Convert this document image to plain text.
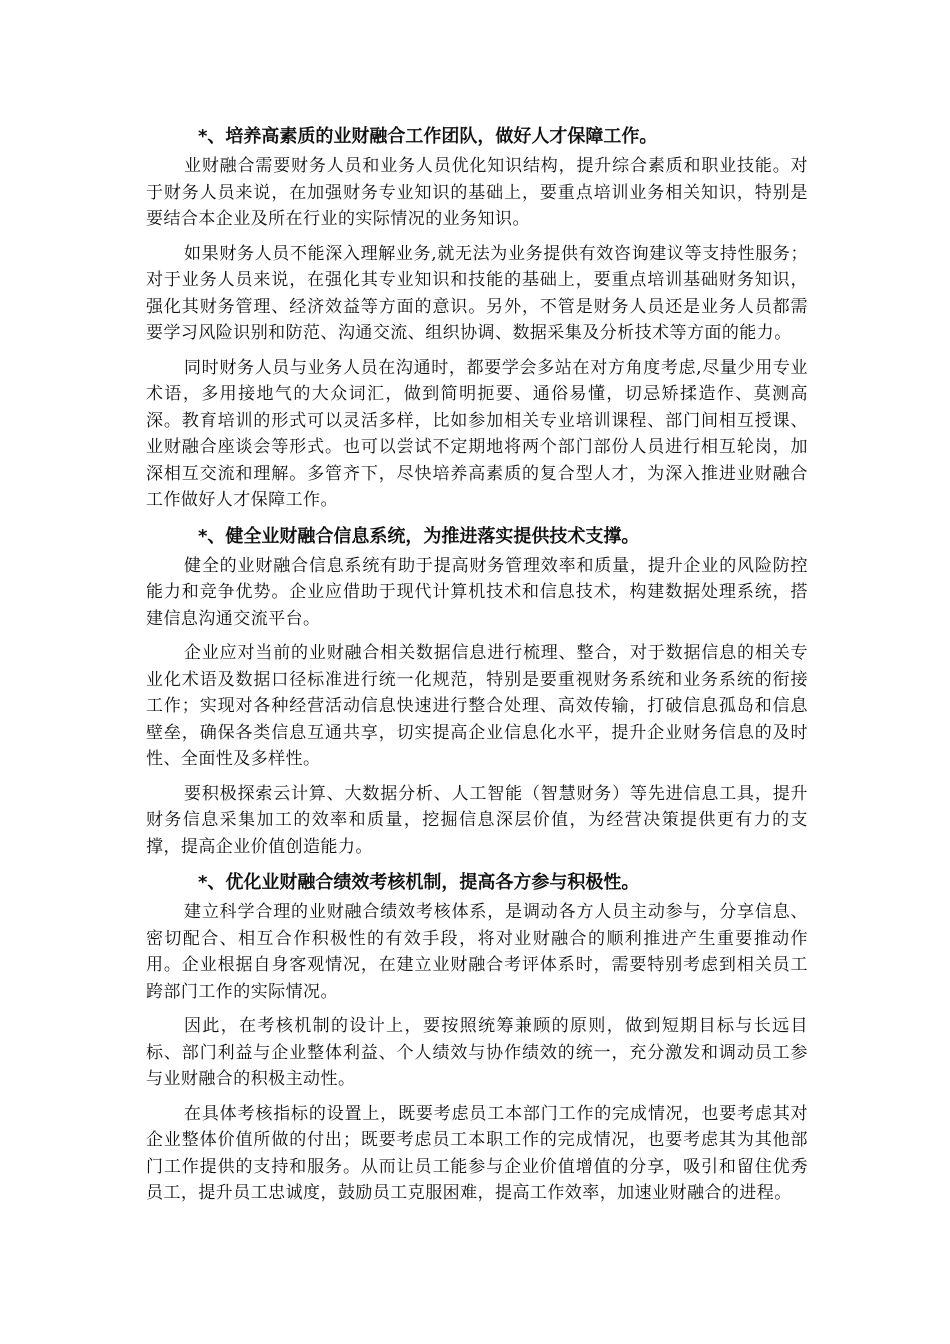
*、培养高素质的业财融合工作团队，做好人才保障工作。

业财融合需要财务人员和业务人员优化知识结构，提升综合素质和职业技能。对于财务人员来说，在加强财务专业知识的基础上，要重点培训业务相关知识，特别是要结合本企业及所在行业的实际情况的业务知识。

如果财务人员不能深入理解业务,就无法为业务提供有效咨询建议等支持性服务；对于业务人员来说，在强化其专业知识和技能的基础上，要重点培训基础财务知识，强化其财务管理、经济效益等方面的意识。另外，不管是财务人员还是业务人员都需要学习风险识别和防范、沟通交流、组织协调、数据采集及分析技术等方面的能力。

同时财务人员与业务人员在沟通时，都要学会多站在对方角度考虑,尽量少用专业术语，多用接地气的大众词汇，做到简明扼要、通俗易懂，切忌矫揉造作、莫测高深。教育培训的形式可以灵活多样，比如参加相关专业培训课程、部门间相互授课、业财融合座谈会等形式。也可以尝试不定期地将两个部门部份人员进行相互轮岗，加深相互交流和理解。多管齐下，尽快培养高素质的复合型人才，为深入推进业财融合工作做好人才保障工作。

*、健全业财融合信息系统，为推进落实提供技术支撑。

健全的业财融合信息系统有助于提高财务管理效率和质量，提升企业的风险防控能力和竞争优势。企业应借助于现代计算机技术和信息技术，构建数据处理系统，搭建信息沟通交流平台。

企业应对当前的业财融合相关数据信息进行梳理、整合，对于数据信息的相关专业化术语及数据口径标准进行统一化规范，特别是要重视财务系统和业务系统的衔接工作；实现对各种经营活动信息快速进行整合处理、高效传输，打破信息孤岛和信息壁垒，确保各类信息互通共享，切实提高企业信息化水平，提升企业财务信息的及时性、全面性及多样性。

要积极探索云计算、大数据分析、人工智能（智慧财务）等先进信息工具，提升财务信息采集加工的效率和质量，挖掘信息深层价值，为经营决策提供更有力的支撑，提高企业价值创造能力。

*、优化业财融合绩效考核机制，提高各方参与积极性。

建立科学合理的业财融合绩效考核体系，是调动各方人员主动参与，分享信息、密切配合、相互合作积极性的有效手段，将对业财融合的顺利推进产生重要推动作用。企业根据自身客观情况，在建立业财融合考评体系时，需要特别考虑到相关员工跨部门工作的实际情况。

因此，在考核机制的设计上，要按照统筹兼顾的原则，做到短期目标与长远目标、部门利益与企业整体利益、个人绩效与协作绩效的统一，充分激发和调动员工参与业财融合的积极主动性。

在具体考核指标的设置上，既要考虑员工本部门工作的完成情况，也要考虑其对企业整体价值所做的付出；既要考虑员工本职工作的完成情况，也要考虑其为其他部门工作提供的支持和服务。从而让员工能参与企业价值增值的分享，吸引和留住优秀员工，提升员工忠诚度，鼓励员工克服困难，提高工作效率，加速业财融合的进程。
